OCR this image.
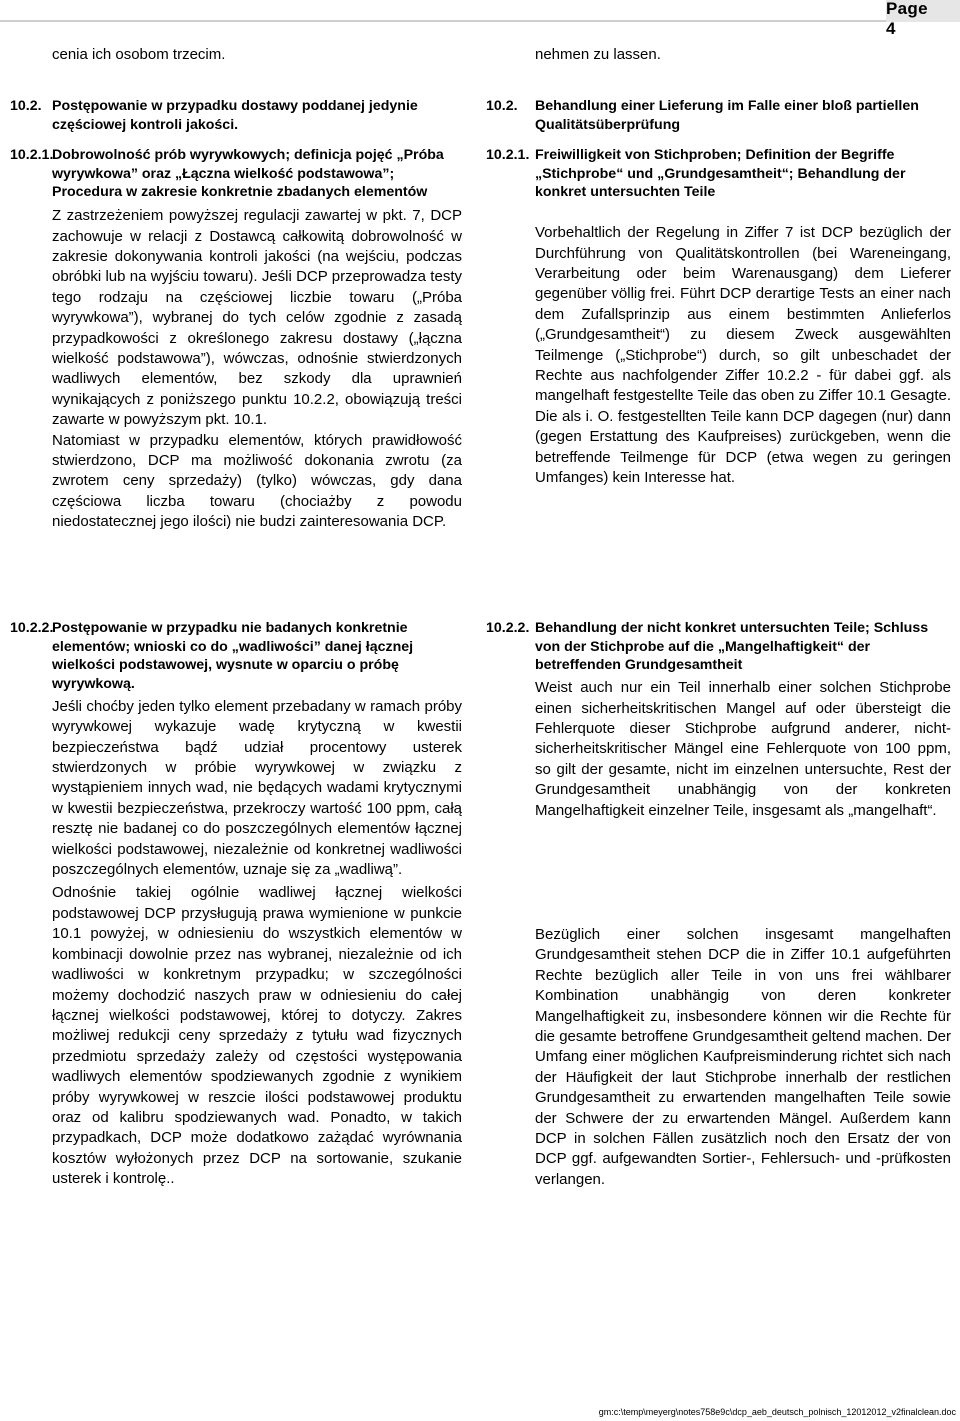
Page 4

cenia ich osobom trzecim.	nehmen zu lassen.

10.2. Postępowanie w przypadku dostawy poddanej jedynie częściowej kontroli jakości.

10.2. Behandlung einer Lieferung im Falle einer bloß partiellen Qualitätsüberprüfung

10.2.1.

Dobrowolność prób wyrywkowych; definicja pojęć „Próba wyrywkowa” oraz „Łączna wielkość podstawowa”; Procedura w zakresie konkretnie zbadanych elementów

Z zastrzeżeniem powyższej regulacji zawartej w pkt. 7, DCP zachowuje w relacji z Dostawcą całkowitą dobrowolność w zakresie dokonywania kontroli jakości (na wejściu, podczas obróbki lub na wyjściu towaru). Jeśli DCP przeprowadza testy tego rodzaju na częściowej liczbie towaru („Próba wyrywkowa”), wybranej do tych celów zgodnie z zasadą przypadkowości z określonego zakresu dostawy („łączna wielkość podstawowa”), wówczas, odnośnie stwierdzonych wadliwych elementów, bez szkody dla uprawnień wynikających z poniższego punktu 10.2.2, obowiązują treści zawarte w powyższym pkt. 10.1.

Natomiast w przypadku elementów, których prawidłowość stwierdzono, DCP ma możliwość dokonania zwrotu (za zwrotem ceny sprzedaży) (tylko) wówczas, gdy dana częściowa liczba towaru (chociażby z powodu niedostatecznej jego ilości) nie budzi zainteresowania DCP.

10.2.1. Freiwilligkeit von Stichproben; Definition der Begriffe „Stichprobe“ und „Grundgesamtheit“; Behandlung der konkret untersuchten Teile

Vorbehaltlich der Regelung in Ziffer 7 ist DCP bezüglich der Durchführung von Qualitätskontrollen (bei Wareneingang, Verarbeitung oder beim Warenausgang) dem Lieferer gegenüber völlig frei. Führt DCP derartige Tests an einer nach dem Zufallsprinzip aus einem bestimmten Anlieferlos („Grundgesamtheit“) zu diesem Zweck ausgewählten Teilmenge („Stichprobe“) durch, so gilt unbeschadet der Rechte aus nachfolgender Ziffer 10.2.2 - für dabei ggf. als mangelhaft festgestellte Teile das oben zu Ziffer 10.1 Gesagte. Die als i. O. festgestellten Teile kann DCP dagegen (nur) dann (gegen Erstattung des Kaufpreises) zurückgeben, wenn die betreffende Teilmenge für DCP (etwa wegen zu geringen Umfanges) kein Interesse hat.

10.2.2.

Postępowanie w przypadku nie badanych konkretnie elementów; wnioski co do „wadliwości” danej łącznej wielkości podstawowej, wysnute w oparciu o próbę wyrywkową.

Jeśli choćby jeden tylko element przebadany w ramach próby wyrywkowej wykazuje wadę krytyczną w kwestii bezpieczeństwa bądź udział procentowy usterek stwierdzonych w próbie wyrywkowej w związku z wystąpieniem innych wad, nie będących wadami krytycznymi w kwestii bezpieczeństwa, przekroczy wartość 100 ppm, całą resztę nie badanej co do poszczególnych elementów łącznej wielkości podstawowej, niezależnie od konkretnej wadliwości poszczególnych elementów, uznaje się za „wadliwą”.

Odnośnie takiej ogólnie wadliwej łącznej wielkości podstawowej DCP przysługują prawa wymienione w punkcie 10.1 powyżej, w odniesieniu do wszystkich elementów w kombinacji dowolnie przez nas wybranej, niezależnie od ich wadliwości w konkretnym przypadku; w szczególności możemy dochodzić naszych praw w odniesieniu do całej łącznej wielkości podstawowej, której to dotyczy. Zakres możliwej redukcji ceny sprzedaży z tytułu wad fizycznych przedmiotu sprzedaży zależy od częstości występowania wadliwych elementów spodziewanych zgodnie z wynikiem próby wyrywkowej w reszcie ilości podstawowej produktu oraz od kalibru spodziewanych wad. Ponadto, w takich przypadkach, DCP może dodatkowo zażądać wyrównania kosztów wyłożonych przez DCP na sortowanie, szukanie usterek i kontrolę..

10.2.2. Behandlung der nicht konkret untersuchten Teile; Schluss von der Stichprobe auf die „Mangelhaftigkeit“ der betreffenden Grundgesamtheit

Weist auch nur ein Teil innerhalb einer solchen Stichprobe einen sicherheitskritischen Mangel auf oder übersteigt die Fehlerquote dieser Stichprobe aufgrund anderer, nicht-sicherheitskritischer Mängel eine Fehlerquote von 100 ppm, so gilt der gesamte, nicht im einzelnen untersuchte, Rest der Grundgesamtheit unabhängig von der konkreten Mangelhaftigkeit einzelner Teile, insgesamt als „mangelhaft“.

Bezüglich einer solchen insgesamt mangelhaften Grundgesamtheit stehen DCP die in Ziffer 10.1 aufgeführten Rechte bezüglich aller Teile in von uns frei wählbarer Kombination unabhängig von deren konkreter Mangelhaftigkeit zu, insbesondere können wir die Rechte für die gesamte betroffene Grundgesamtheit geltend machen. Der Umfang einer möglichen Kaufpreisminderung richtet sich nach der Häufigkeit der laut Stichprobe innerhalb der restlichen Grundgesamtheit zu erwartenden mangelhaften Teile sowie der Schwere der zu erwartenden Mängel. Außerdem kann DCP in solchen Fällen zusätzlich noch den Ersatz der von DCP ggf. aufgewandten Sortier-, Fehlersuch- und -prüfkosten verlangen.

gm:c:\temp\meyerg\notes758e9c\dcp_aeb_deutsch_polnisch_12012012_v2finalclean.doc
